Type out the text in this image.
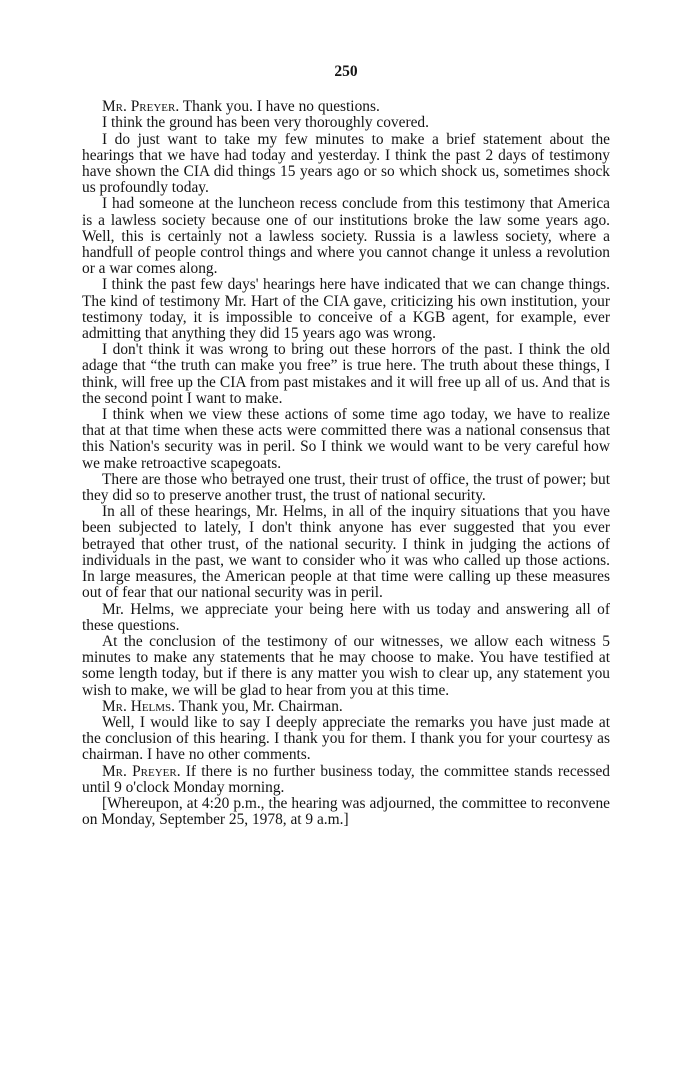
250

Mr. Preyer. Thank you. I have no questions.

I think the ground has been very thoroughly covered.

I do just want to take my few minutes to make a brief statement about the hearings that we have had today and yesterday. I think the past 2 days of testimony have shown the CIA did things 15 years ago or so which shock us, sometimes shock us profoundly today.

I had someone at the luncheon recess conclude from this testimony that America is a lawless society because one of our institutions broke the law some years ago. Well, this is certainly not a lawless society. Russia is a lawless society, where a handfull of people control things and where you cannot change it unless a revolution or a war comes along.

I think the past few days' hearings here have indicated that we can change things. The kind of testimony Mr. Hart of the CIA gave, criticizing his own institution, your testimony today, it is impossible to conceive of a KGB agent, for example, ever admitting that anything they did 15 years ago was wrong.

I don't think it was wrong to bring out these horrors of the past. I think the old adage that “the truth can make you free” is true here. The truth about these things, I think, will free up the CIA from past mistakes and it will free up all of us. And that is the second point I want to make.

I think when we view these actions of some time ago today, we have to realize that at that time when these acts were committed there was a national consensus that this Nation's security was in peril. So I think we would want to be very careful how we make retroactive scapegoats.

There are those who betrayed one trust, their trust of office, the trust of power; but they did so to preserve another trust, the trust of national security.

In all of these hearings, Mr. Helms, in all of the inquiry situations that you have been subjected to lately, I don't think anyone has ever suggested that you ever betrayed that other trust, of the national security. I think in judging the actions of individuals in the past, we want to consider who it was who called up those actions. In large measures, the American people at that time were calling up these measures out of fear that our national security was in peril.

Mr. Helms, we appreciate your being here with us today and answering all of these questions.

At the conclusion of the testimony of our witnesses, we allow each witness 5 minutes to make any statements that he may choose to make. You have testified at some length today, but if there is any matter you wish to clear up, any statement you wish to make, we will be glad to hear from you at this time.

Mr. Helms. Thank you, Mr. Chairman.

Well, I would like to say I deeply appreciate the remarks you have just made at the conclusion of this hearing. I thank you for them. I thank you for your courtesy as chairman. I have no other comments.

Mr. Preyer. If there is no further business today, the committee stands recessed until 9 o'clock Monday morning.

[Whereupon, at 4:20 p.m., the hearing was adjourned, the committee to reconvene on Monday, September 25, 1978, at 9 a.m.]
